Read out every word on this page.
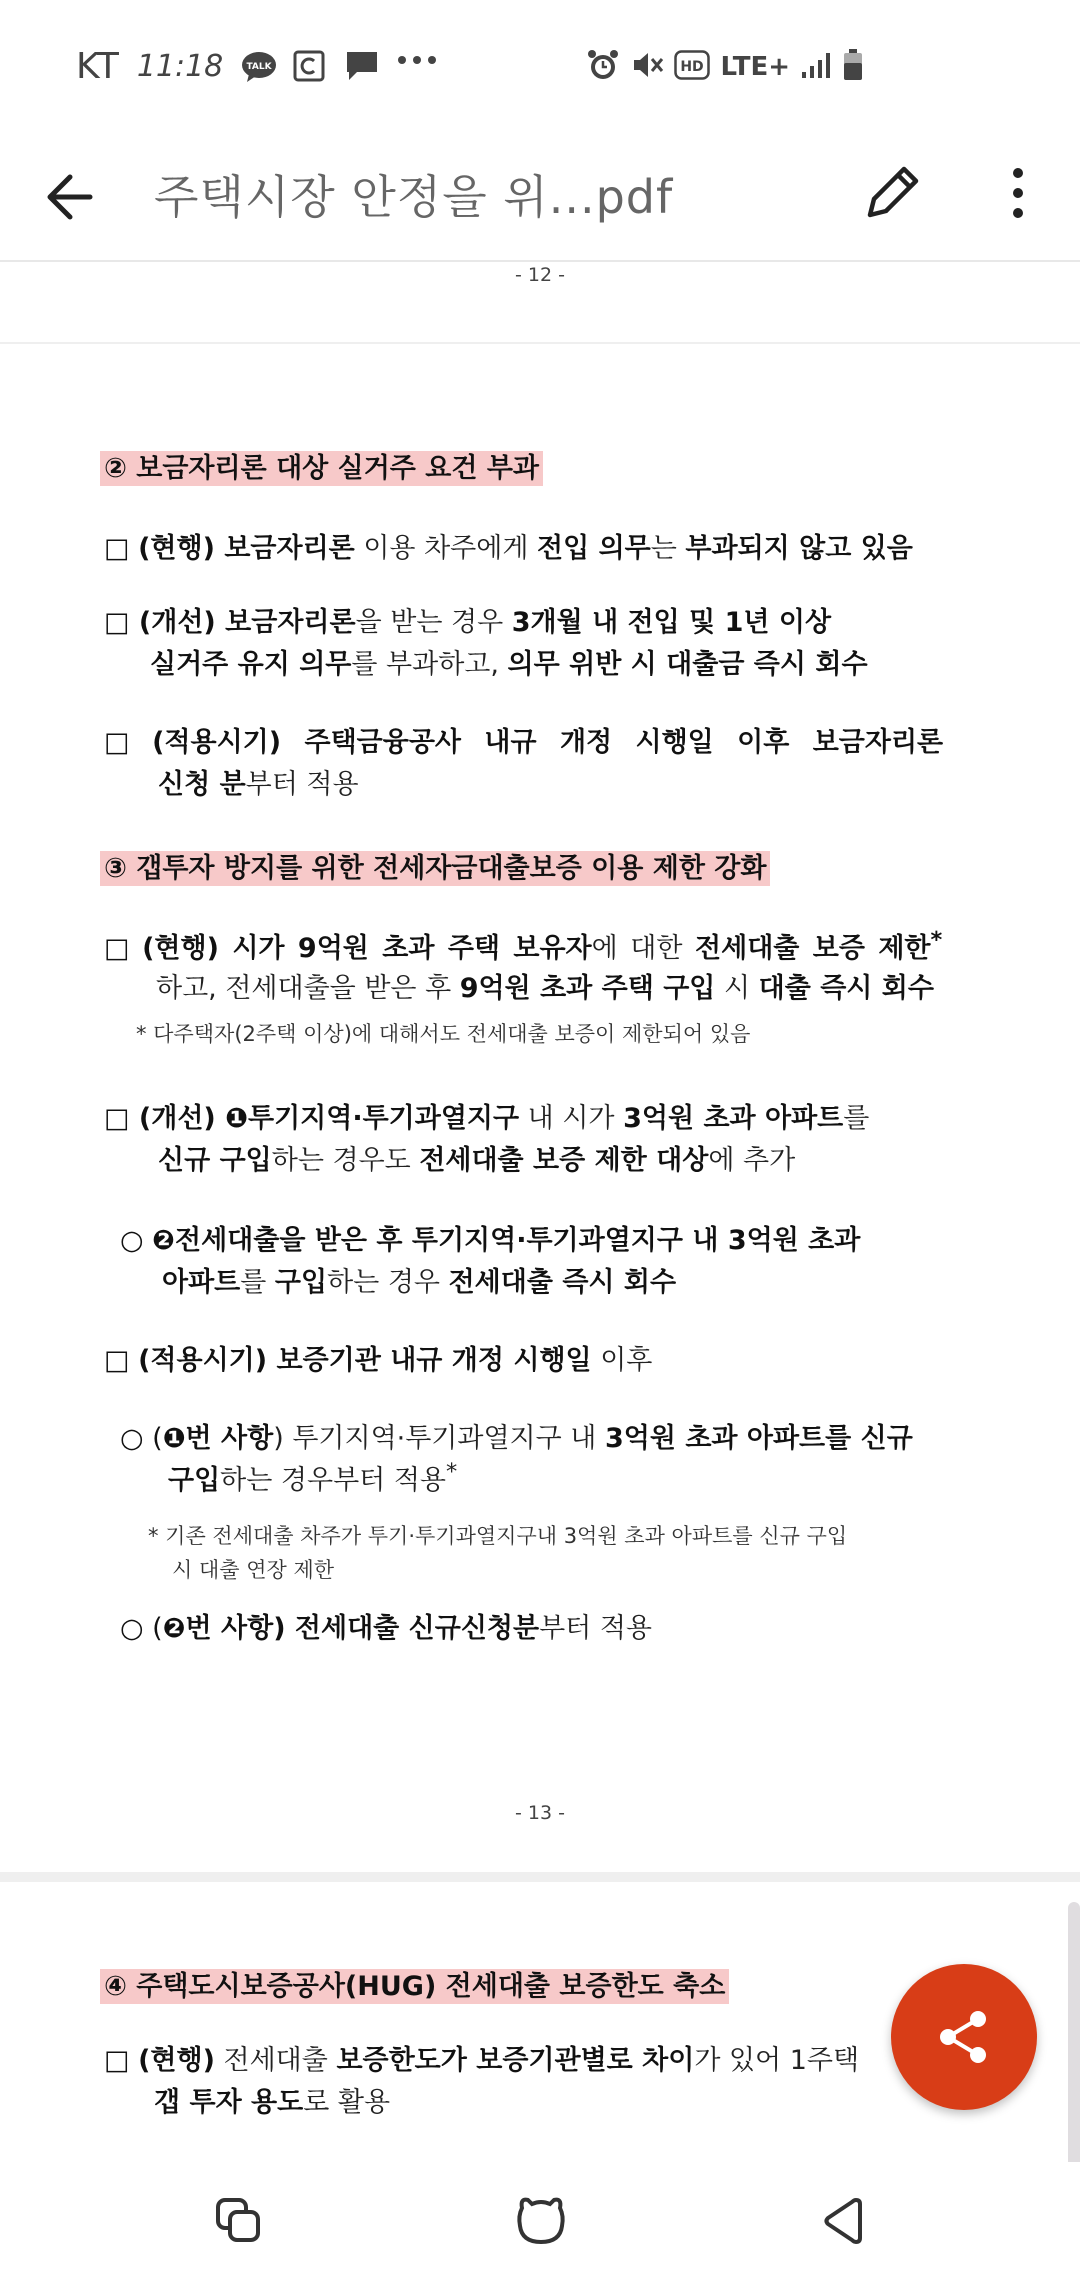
KT 11:18	TALK	HD LTE+
주택시장 안정을 위...pdf
- 12 -
② 보금자리론 대상 실거주 요건 부과
□ (현행) 보금자리론 이용 차주에게 전입 의무는 부과되지 않고 있음
□ (개선) 보금자리론을 받는 경우 3개월 내 전입 및 1년 이상
실거주 유지 의무를 부과하고, 의무 위반 시 대출금 즉시 회수
□ (적용시기) 주택금융공사 내규 개정 시행일 이후 보금자리론
신청 분부터 적용
③ 갭투자 방지를 위한 전세자금대출보증 이용 제한 강화
□ (현행) 시가 9억원 초과 주택 보유자에 대한 전세대출 보증 제한*
하고, 전세대출을 받은 후 9억원 초과 주택 구입 시 대출 즉시 회수
* 다주택자(2주택 이상)에 대해서도 전세대출 보증이 제한되어 있음
□ (개선) ❶투기지역·투기과열지구 내 시가 3억원 초과 아파트를
신규 구입하는 경우도 전세대출 보증 제한 대상에 추가
○ ❷전세대출을 받은 후 투기지역·투기과열지구 내 3억원 초과
아파트를 구입하는 경우 전세대출 즉시 회수
□ (적용시기) 보증기관 내규 개정 시행일 이후
○ (❶번 사항) 투기지역·투기과열지구 내 3억원 초과 아파트를 신규
구입하는 경우부터 적용*
* 기존 전세대출 차주가 투기·투기과열지구내 3억원 초과 아파트를 신규 구입
시 대출 연장 제한
○ (❷번 사항) 전세대출 신규신청분부터 적용
- 13 -
④ 주택도시보증공사(HUG) 전세대출 보증한도 축소
□ (현행) 전세대출 보증한도가 보증기관별로 차이가 있어 1주택
갭 투자 용도로 활용
